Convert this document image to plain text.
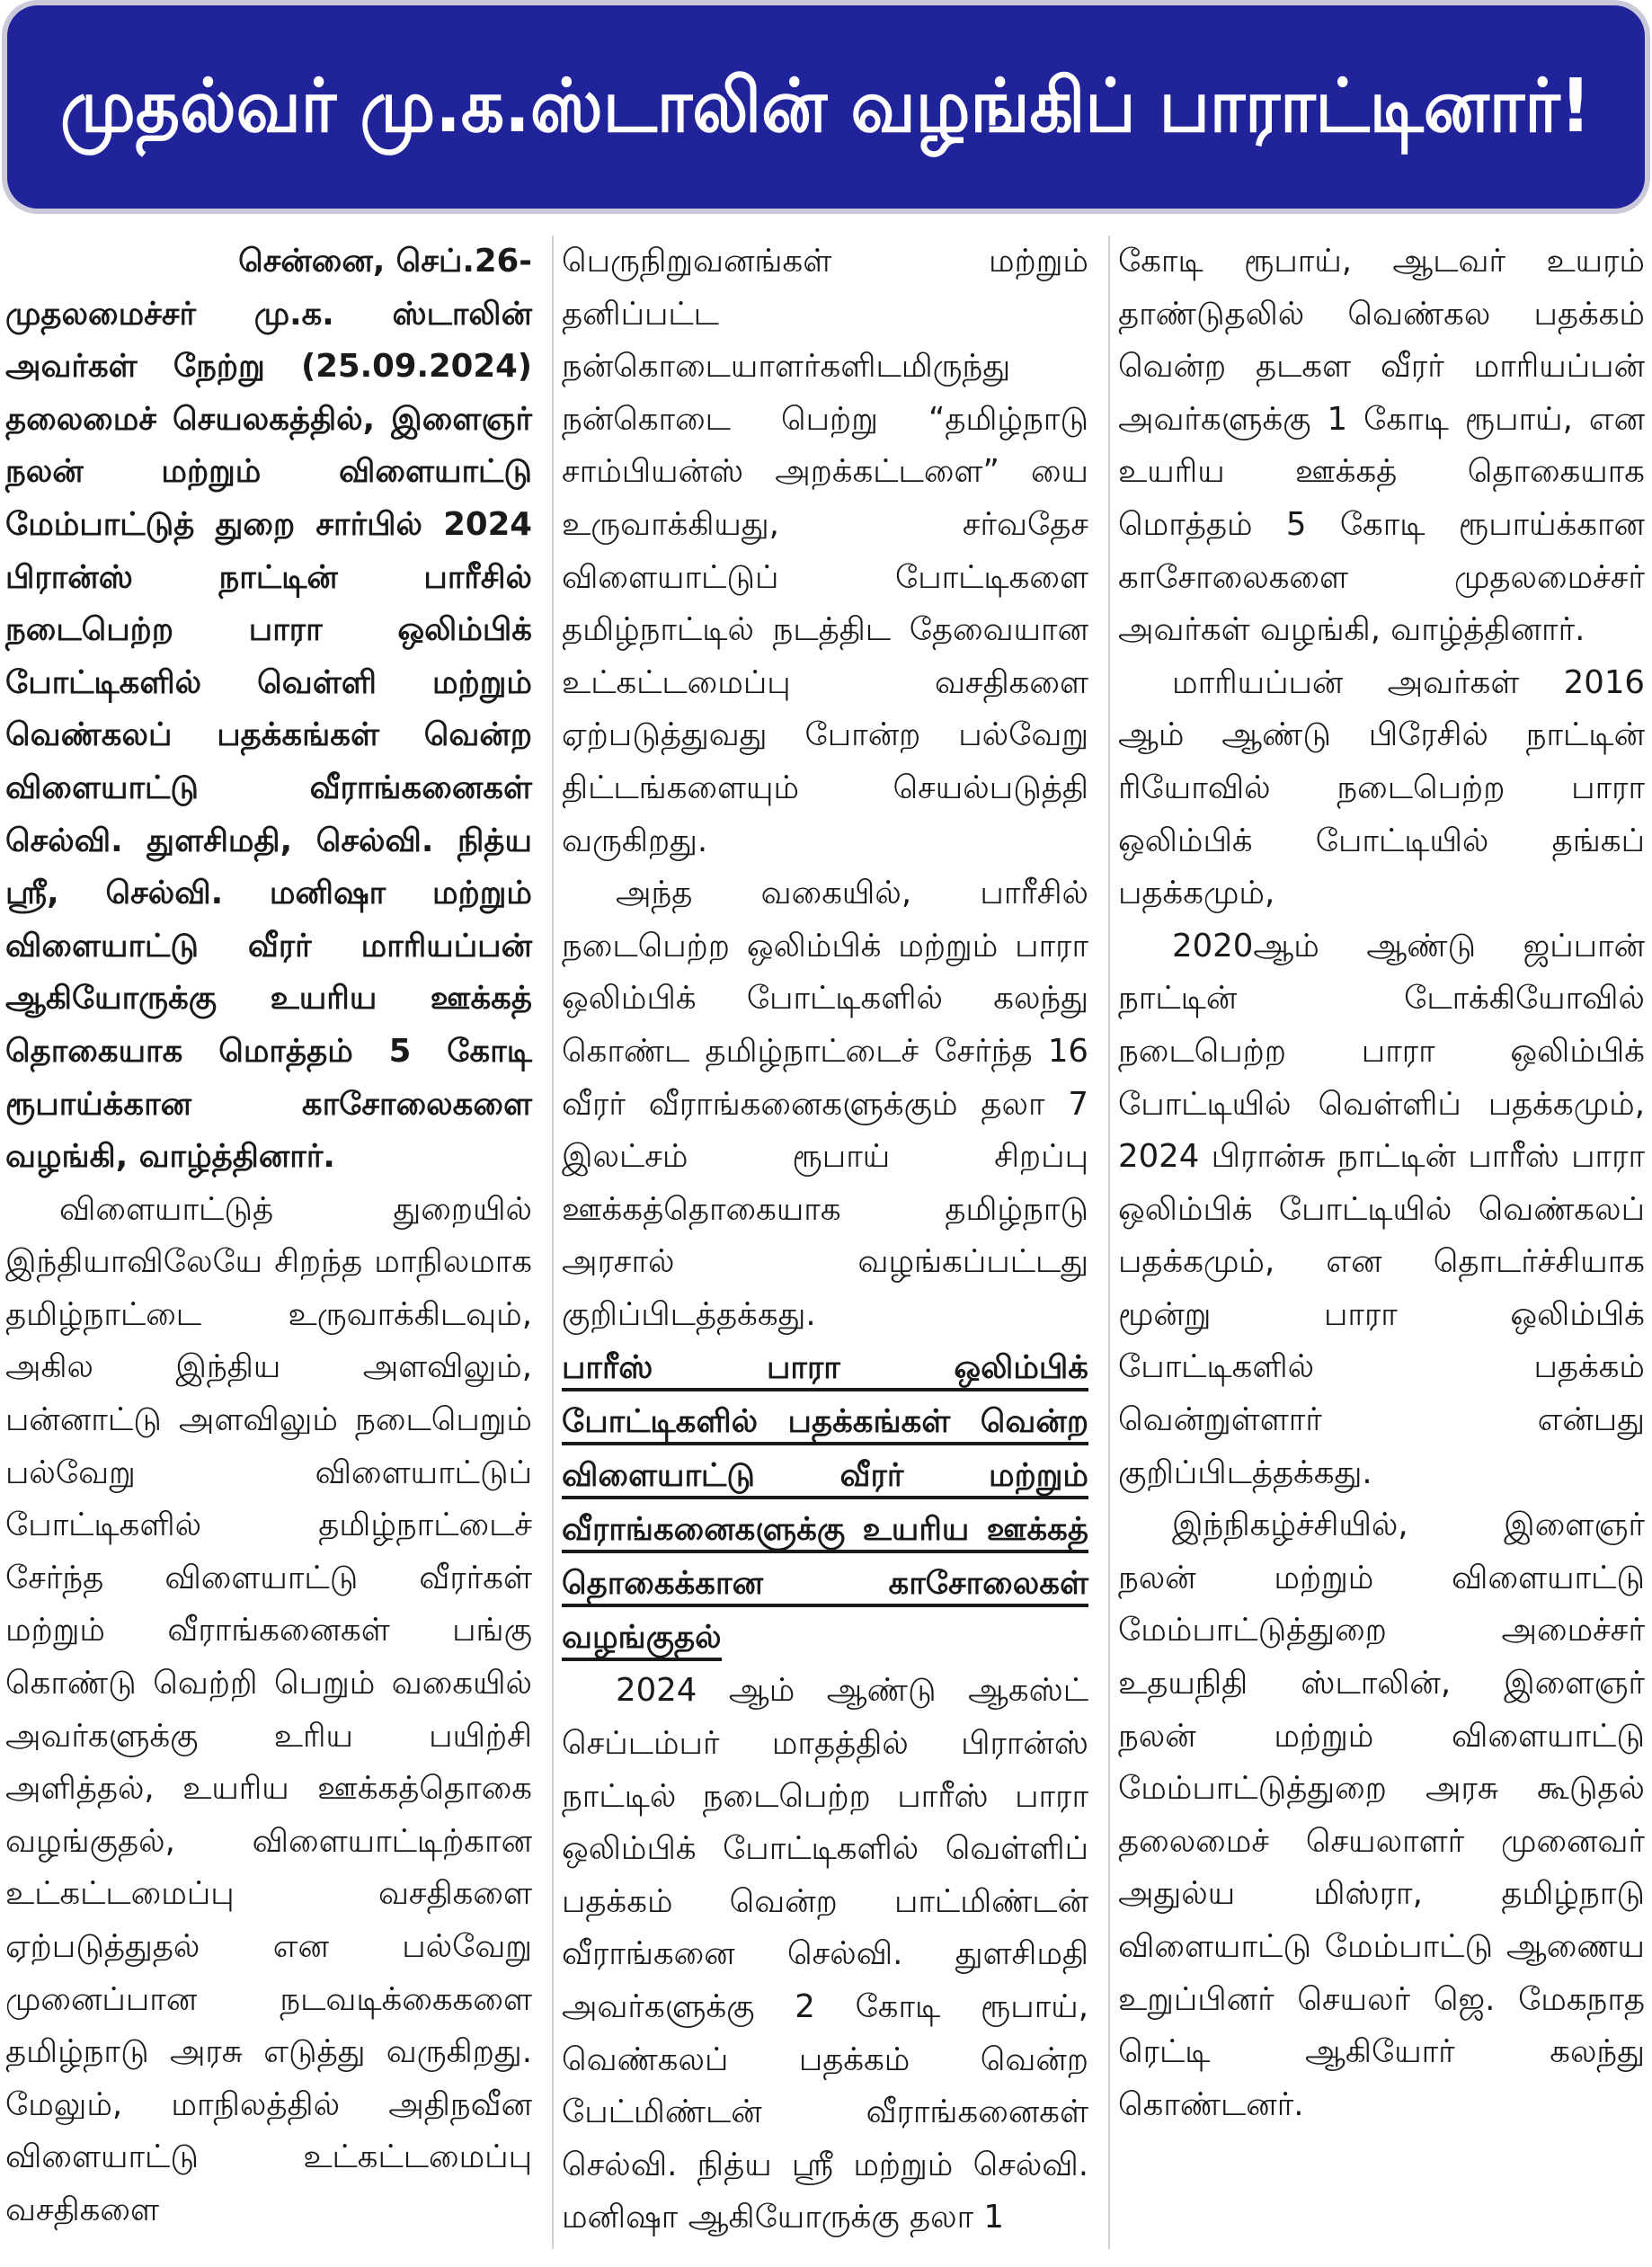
முதல்வர் மு.க.ஸ்டாலின் வழங்கிப் பாராட்டினார்!

சென்னை, செப்.26-

முதலமைச்சர் மு.க. ஸ்டாலின் அவர்கள் நேற்று (25.09.2024) தலைமைச் செயலகத்தில், இளைஞர் நலன் மற்றும் விளையாட்டு மேம்பாட்டுத் துறை சார்பில் 2024 பிரான்ஸ் நாட்டின் பாரீசில் நடைபெற்ற பாரா ஒலிம்பிக் போட்டிகளில் வெள்ளி மற்றும் வெண்கலப் பதக்கங்கள் வென்ற விளையாட்டு வீராங்கனைகள் செல்வி. துளசிமதி, செல்வி. நித்ய ஸ்ரீ, செல்வி. மனிஷா மற்றும் விளையாட்டு வீரர் மாரியப்பன் ஆகியோருக்கு உயரிய ஊக்கத் தொகையாக மொத்தம் 5 கோடி ரூபாய்க்கான காசோலைகளை வழங்கி, வாழ்த்தினார்.

விளையாட்டுத் துறையில் இந்தியாவிலேயே சிறந்த மாநிலமாக தமிழ்நாட்டை உருவாக்கிடவும், அகில இந்திய அளவிலும், பன்னாட்டு அளவிலும் நடைபெறும் பல்வேறு விளையாட்டுப் போட்டிகளில் தமிழ்நாட்டைச் சேர்ந்த விளையாட்டு வீரர்கள் மற்றும் வீராங்கனைகள் பங்கு கொண்டு வெற்றி பெறும் வகையில் அவர்களுக்கு உரிய பயிற்சி அளித்தல், உயரிய ஊக்கத்தொகை வழங்குதல், விளையாட்டிற்கான உட்கட்டமைப்பு வசதிகளை ஏற்படுத்துதல் என பல்வேறு முனைப்பான நடவடிக்கைகளை தமிழ்நாடு அரசு எடுத்து வருகிறது. மேலும், மாநிலத்தில் அதிநவீன விளையாட்டு உட்கட்டமைப்பு வசதிகளை

பெருநிறுவனங்கள் மற்றும் தனிப்பட்ட நன்கொடையாளர்களிடமிருந்து நன்கொடை பெற்று “தமிழ்நாடு சாம்பியன்ஸ் அறக்கட்டளை” யை உருவாக்கியது, சர்வதேச விளையாட்டுப் போட்டிகளை தமிழ்நாட்டில் நடத்திட தேவையான உட்கட்டமைப்பு வசதிகளை ஏற்படுத்துவது போன்ற பல்வேறு திட்டங்களையும் செயல்படுத்தி வருகிறது.

அந்த வகையில், பாரீசில் நடைபெற்ற ஒலிம்பிக் மற்றும் பாரா ஒலிம்பிக் போட்டிகளில் கலந்து கொண்ட தமிழ்நாட்டைச் சேர்ந்த 16 வீரர் வீராங்கனைகளுக்கும் தலா 7 இலட்சம் ரூபாய் சிறப்பு ஊக்கத்தொகையாக தமிழ்நாடு அரசால் வழங்கப்பட்டது குறிப்பிடத்தக்கது.

பாரீஸ் பாரா ஒலிம்பிக் போட்டிகளில் பதக்கங்கள் வென்ற விளையாட்டு வீரர் மற்றும் வீராங்கனைகளுக்கு உயரிய ஊக்கத் தொகைக்கான காசோலைகள் வழங்குதல்

2024 ஆம் ஆண்டு ஆகஸ்ட் செப்டம்பர் மாதத்தில் பிரான்ஸ் நாட்டில் நடைபெற்ற பாரீஸ் பாரா ஒலிம்பிக் போட்டிகளில் வெள்ளிப் பதக்கம் வென்ற பாட்மிண்டன் வீராங்கனை செல்வி. துளசிமதி அவர்களுக்கு 2 கோடி ரூபாய், வெண்கலப் பதக்கம் வென்ற பேட்மிண்டன் வீராங்கனைகள் செல்வி. நித்ய ஸ்ரீ மற்றும் செல்வி. மனிஷா ஆகியோருக்கு தலா 1

கோடி ரூபாய், ஆடவர் உயரம் தாண்டுதலில் வெண்கல பதக்கம் வென்ற தடகள வீரர் மாரியப்பன் அவர்களுக்கு 1 கோடி ரூபாய், என உயரிய ஊக்கத் தொகையாக மொத்தம் 5 கோடி ரூபாய்க்கான காசோலைகளை முதலமைச்சர் அவர்கள் வழங்கி, வாழ்த்தினார்.

மாரியப்பன் அவர்கள் 2016 ஆம் ஆண்டு பிரேசில் நாட்டின் ரியோவில் நடைபெற்ற பாரா ஒலிம்பிக் போட்டியில் தங்கப் பதக்கமும்,

2020ஆம் ஆண்டு ஜப்பான் நாட்டின் டோக்கியோவில் நடைபெற்ற பாரா ஒலிம்பிக் போட்டியில் வெள்ளிப் பதக்கமும், 2024 பிரான்சு நாட்டின் பாரீஸ் பாரா ஒலிம்பிக் போட்டியில் வெண்கலப் பதக்கமும், என தொடர்ச்சியாக மூன்று பாரா ஒலிம்பிக் போட்டிகளில் பதக்கம் வென்றுள்ளார் என்பது குறிப்பிடத்தக்கது.

இந்நிகழ்ச்சியில், இளைஞர் நலன் மற்றும் விளையாட்டு மேம்பாட்டுத்துறை அமைச்சர் உதயநிதி ஸ்டாலின், இளைஞர் நலன் மற்றும் விளையாட்டு மேம்பாட்டுத்துறை அரசு கூடுதல் தலைமைச் செயலாளர் முனைவர் அதுல்ய மிஸ்ரா, தமிழ்நாடு விளையாட்டு மேம்பாட்டு ஆணைய உறுப்பினர் செயலர் ஜெ. மேகநாத ரெட்டி ஆகியோர் கலந்து கொண்டனர்.
